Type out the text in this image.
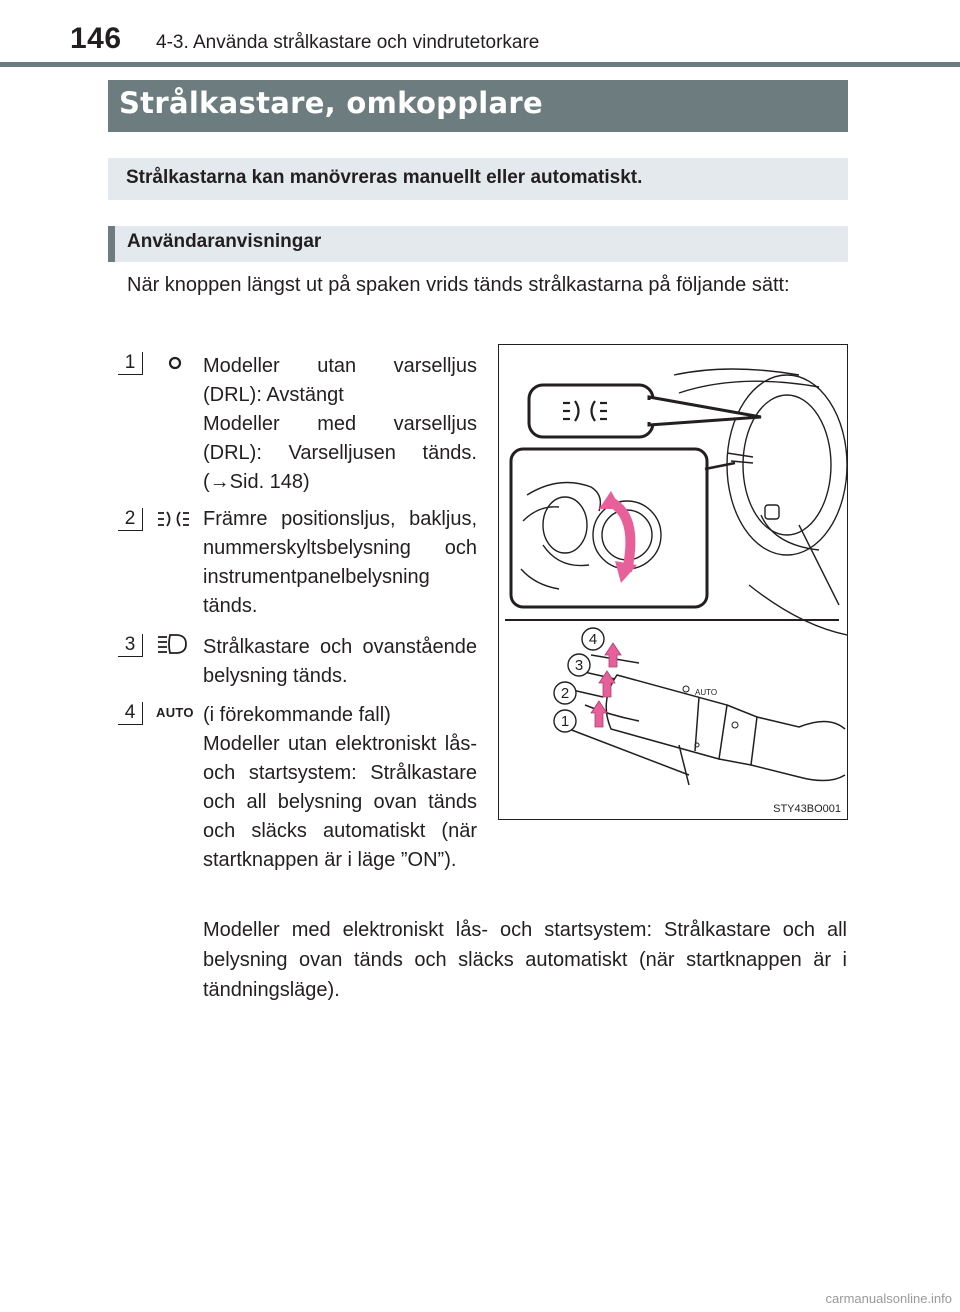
146 4-3. Använda strålkastare och vindrutetorkare
Strålkastare, omkopplare
Strålkastarna kan manövreras manuellt eller automatiskt.
Användaranvisningar
När knoppen längst ut på spaken vrids tänds strålkastarna på följande sätt:
1	Modeller utan varselljus (DRL): Avstängt

Modeller med varselljus (DRL): Varselljusen tänds. (→Sid. 148)

2	Främre positionsljus, bakljus, nummerskyltsbelysning och instrumentpanelbelysning tänds.

3	Strålkastare och ovanstående belysning tänds.

4	AUTO (i förekommande fall)

Modeller utan elektroniskt lås- och startsystem: Strålkastare och all belysning ovan tänds och släcks automatiskt (när startknappen är i läge ”ON”).

Modeller med elektroniskt lås- och startsystem: Strålkastare och all belysning ovan tänds och släcks automatiskt (när startknappen är i tändningsläge).
AUTO
1
2
3
4
STY43BO001
carmanualsonline.info
